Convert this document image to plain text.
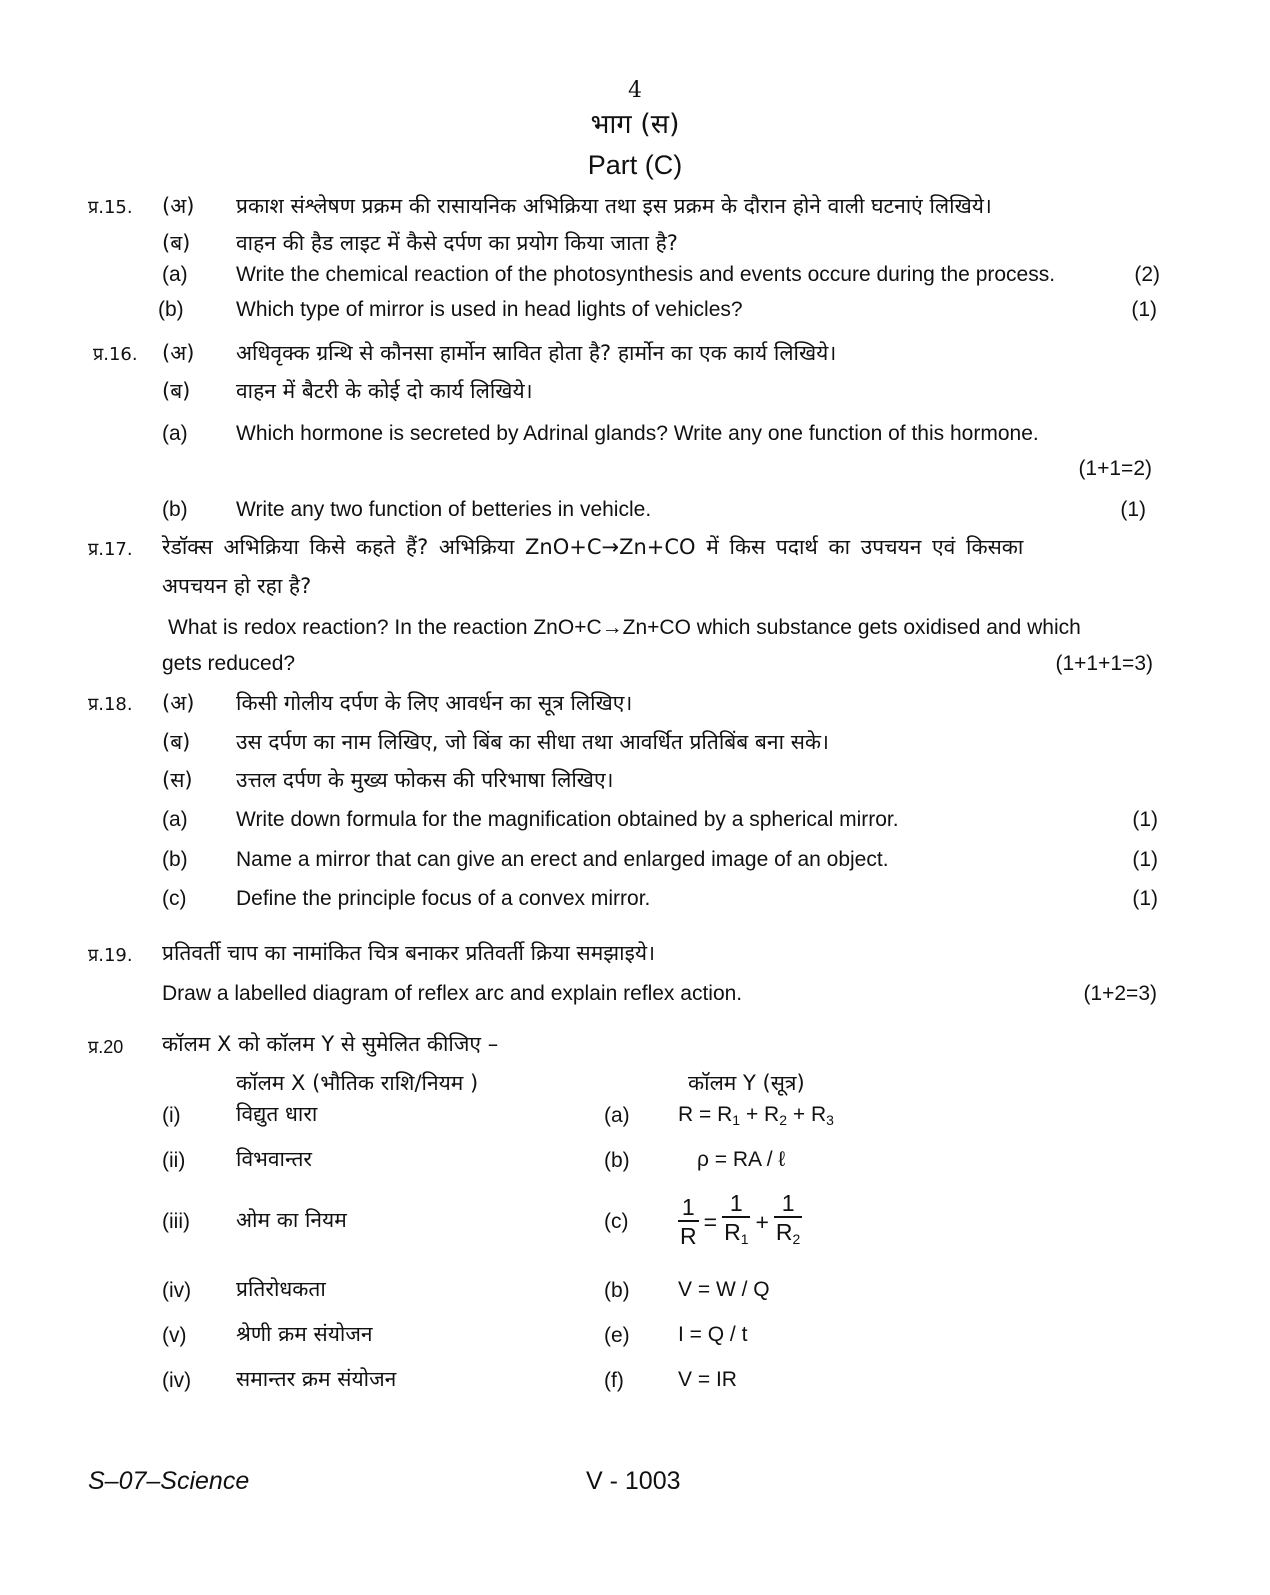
4
भाग (स)
Part (C)
प्र.15. (अ) प्रकाश संश्लेषण प्रक्रम की रासायनिक अभिक्रिया तथा इस प्रक्रम के दौरान होने वाली घटनाएं लिखिये।
(ब) वाहन की हैड लाइट में कैसे दर्पण का प्रयोग किया जाता है?
(a) Write the chemical reaction of the photosynthesis and events occure during the process.	(2)
(b) Which type of mirror is used in head lights of vehicles?	(1)
प्र.16. (अ) अधिवृक्क ग्रन्थि से कौनसा हार्मोन स्रावित होता है? हार्मोन का एक कार्य लिखिये।
(ब) वाहन में बैटरी के कोई दो कार्य लिखिये।
(a) Which hormone is secreted by Adrinal glands? Write any one function of this hormone.
(1+1=2)
(b) Write any two function of betteries in vehicle.	(1)
प्र.17. रेडॉक्स अभिक्रिया किसे कहते हैं? अभिक्रिया ZnO+C→Zn+CO में किस पदार्थ का उपचयन एवं किसका
अपचयन हो रहा है?
What is redox reaction? In the reaction ZnO+C→Zn+CO which substance gets oxidised and which
gets reduced?	(1+1+1=3)
प्र.18. (अ) किसी गोलीय दर्पण के लिए आवर्धन का सूत्र लिखिए।
(ब) उस दर्पण का नाम लिखिए, जो बिंब का सीधा तथा आवर्धित प्रतिबिंब बना सके।
(स) उत्तल दर्पण के मुख्य फोकस की परिभाषा लिखिए।
(a) Write down formula for the magnification obtained by a spherical mirror.	(1)
(b) Name a mirror that can give an erect and enlarged image of an object.	(1)
(c) Define the principle focus of a convex mirror.	(1)
प्र.19. प्रतिवर्ती चाप का नामांकित चित्र बनाकर प्रतिवर्ती क्रिया समझाइये।
Draw a labelled diagram of reflex arc and explain reflex action.	(1+2=3)
प्र.20 कॉलम X को कॉलम Y से सुमेलित कीजिए –
कॉलम X (भौतिक राशि/नियम )	कॉलम Y (सूत्र)
(i)	विद्युत धारा	(a) $R = R_1 + R_2 + R_3$
(ii) विभवान्तर	(b)	ρ = RA / ℓ
(iii) ओम का नियम	$(c) \frac{1}{R} = \frac{1}{R_1} + \frac{1}{R_2}$
(iv) प्रतिरोधकता	(b) V = W / Q
(v) श्रेणी क्रम संयोजन	(e) I = Q / t
(iv) समान्तर क्रम संयोजन	(f)	V = IR
S–07–Science	V - 1003
